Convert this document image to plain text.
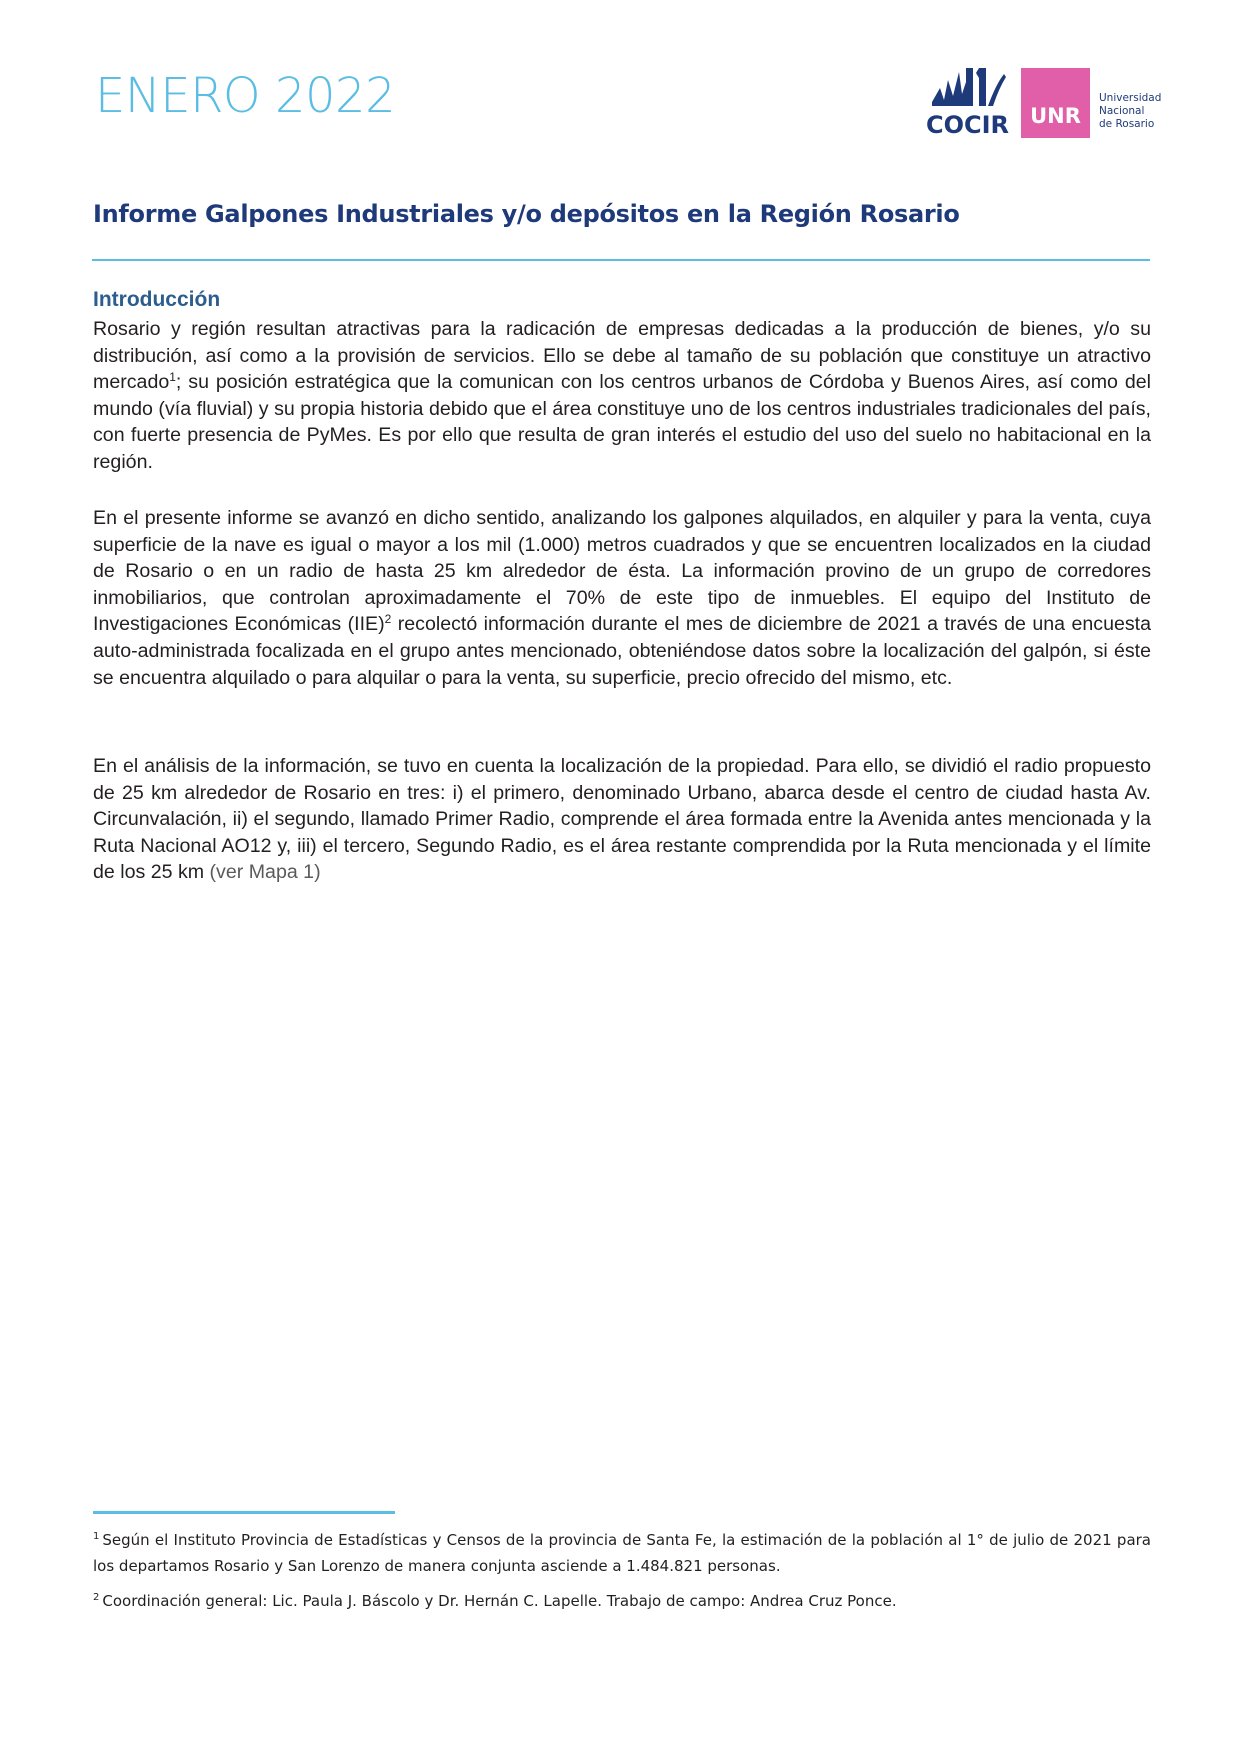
ENERO 2022
COCIR	UNR
Universidad
Nacional
de Rosario
Informe Galpones Industriales y/o depósitos en la Región Rosario
Introducción

Rosario y región resultan atractivas para la radicación de empresas dedicadas a la producción de bienes, y/o su distribución, así como a la provisión de servicios. Ello se debe al tamaño de su población que constituye un atractivo mercado$^1$; su posición estratégica que la comunican con los centros urbanos de Córdoba y Buenos Aires, así como del mundo (vía fluvial) y su propia historia debido que el área constituye uno de los centros industriales tradicionales del país, con fuerte presencia de PyMes. Es por ello que resulta de gran interés el estudio del uso del suelo no habitacional en la región.

En el presente informe se avanzó en dicho sentido, analizando los galpones alquilados, en alquiler y para la venta, cuya superficie de la nave es igual o mayor a los mil (1.000) metros cuadrados y que se encuentren localizados en la ciudad de Rosario o en un radio de hasta 25 km alrededor de ésta. La información provino de un grupo de corredores inmobiliarios, que controlan aproximadamente el 70% de este tipo de inmuebles. El equipo del Instituto de Investigaciones Económicas (IIE)$^2$ recolectó información durante el mes de diciembre de 2021 a través de una encuesta auto-administrada focalizada en el grupo antes mencionado, obteniéndose datos sobre la localización del galpón, si éste se encuentra alquilado o para alquilar o para la venta, su superficie, precio ofrecido del mismo, etc.

En el análisis de la información, se tuvo en cuenta la localización de la propiedad. Para ello, se dividió el radio propuesto de 25 km alrededor de Rosario en tres: i) el primero, denominado Urbano, abarca desde el centro de ciudad hasta Av. Circunvalación, ii) el segundo, llamado Primer Radio, comprende el área formada entre la Avenida antes mencionada y la Ruta Nacional AO12 y, iii) el tercero, Segundo Radio, es el área restante comprendida por la Ruta mencionada y el límite de los 25 km (ver Mapa 1)

$^1$ Según el Instituto Provincia de Estadísticas y Censos de la provincia de Santa Fe, la estimación de la población al 1° de julio de 2021 para los departamos Rosario y San Lorenzo de manera conjunta asciende a 1.484.821 personas.

$^2$ Coordinación general: Lic. Paula J. Báscolo y Dr. Hernán C. Lapelle. Trabajo de campo: Andrea Cruz Ponce.
